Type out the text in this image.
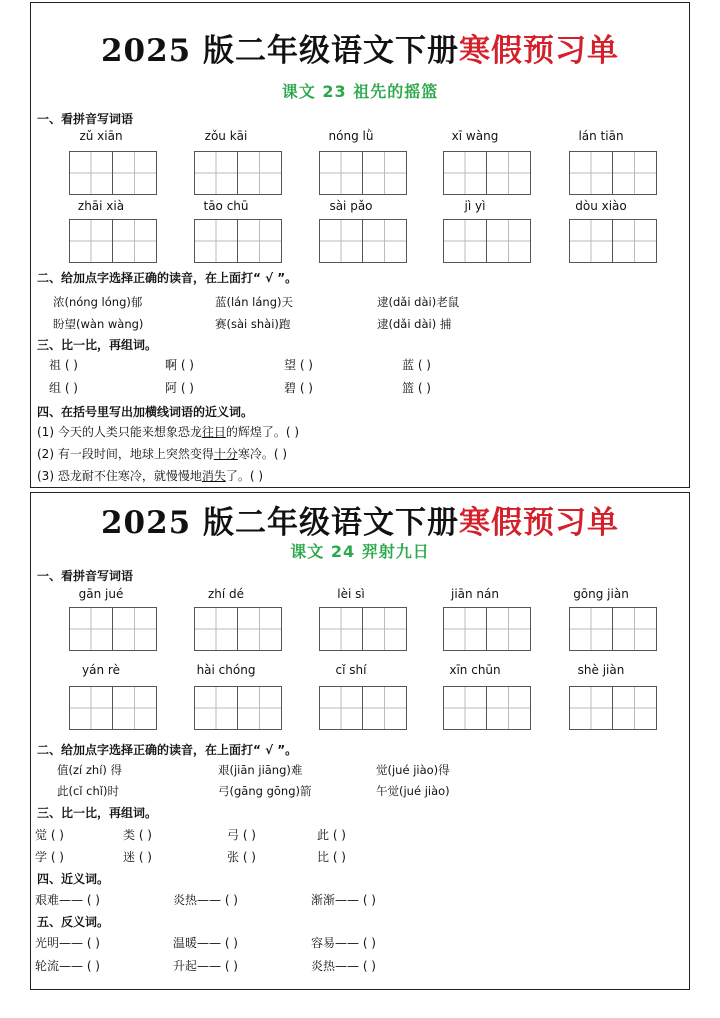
2025 版二年级语文下册寒假预习单
课文 23 祖先的摇篮
一、看拼音写词语
二、给加点字选择正确的读音，在上面打“ √ ”。
浓(nóng lóng)郁	蓝(lán láng)天	逮(dǎi dài)老鼠
盼望(wàn wàng)	赛(sài shài)跑	逮(dǎi dài) 捕
三、比一比，再组词。
祖 ( )	啊 ( )	望 ( )	蓝 ( )
组 ( )	阿 ( )	碧 ( )	篮 ( )
四、在括号里写出加横线词语的近义词。
(1) 今天的人类只能来想象恐龙往日的辉煌了。( )
(2) 有一段时间，地球上突然变得十分寒冷。( )
(3) 恐龙耐不住寒冷，就慢慢地消失了。( )
zǔ xiān	zǒu kāi	nóng lǜ	xī wàng	lán tiān
zhāi xià	tāo chū	sài pǎo	jì yì	dòu xiào
2025 版二年级语文下册寒假预习单
课文 24 羿射九日
一、看拼音写词语
二、给加点字选择正确的读音，在上面打“ √ ”。
值(zí zhí) 得	艰(jiān jiāng)难	觉(jué jiào)得
此(cǐ chǐ)时	弓(gāng gōng)箭	午觉(jué jiào)
三、比一比，再组词。
觉 ( )	类 ( )	弓 ( )	此 ( )
学 ( )	迷 ( )	张 ( )	比 ( )
四、近义词。
艰难—— ( )	炎热—— ( )	渐渐—— ( )
五、反义词。
光明—— ( )	温暖—— ( )	容易—— ( )
轮流—— ( )	升起—— ( )	炎热—— ( )
gān jué	zhí dé	lèi sì	jiān nán	gōng jiàn
yán rè	hài chóng	cǐ shí	xīn chūn	shè jiàn
